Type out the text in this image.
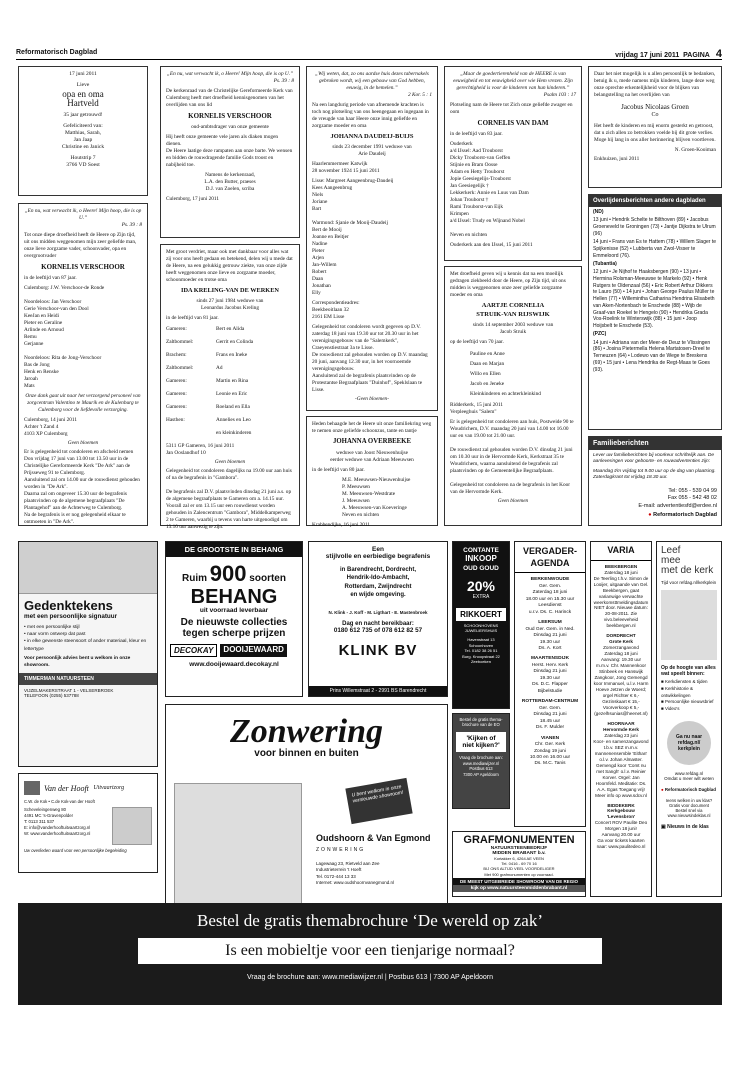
Reformatorisch Dagblad	vrijdag 17 juni 2011 PAGINA 4
17 juni 2011
Lieve
opa en oma
Hartveld
35 jaar getrouwd!
Gefeliciteerd van:
Matthias, Sarah,
Jan Jaap
Christine en Janick
Houtstrip 7
3766 VD Soest
„En nu, wat verwacht ik, o Heere! Mijn hoop, die is op U.”
Ps. 39 : 8
Tot onze diepe droefheid heeft de Heere op Zijn tijd, uit ons midden weggenomen mijn zeer geliefde man, onze lieve zorgzame vader, schoonvader, opa en overgrootvader
KORNELIS VERSCHOOR
in de leeftijd van 87 jaar.
Culemborg: J.W. Verschoor-de Ronde

Noordeloos: Jan Verschoor
Gerie Verschoor-van den Dool
KeeJan en Heidi
Pieter en Geraline
Arlinde en Arnoud
Remu
Gerjanne

Noordeloos: Rita de Jong-Verschoor
Bas de Jong
Henk en Renske
Jaroah
Mats
Onze dank gaat uit naar het verzorgend personeel van zorgcentrum Valentino te Maurik en de Kulenburg te Culemborg voor de liefdevolle verzorging.
Culemborg, 14 juni 2011
Achter 't Zand 4
4103 XP Culemborg
Geen bloemen
Er is gelegenheid tot condoleren en afscheid nemen Don vrijdag 17 juni van 13.00 tot 13.50 uur in de Christelijke Gereformeerde Kerk "De Ark" aan de Prijsseweg 91 te Culemborg.
Aansluitend zal om 14.00 uur de rouwdienst gehouden worden in "De Ark".
Daarna zal om ongeveer 15.30 uur de begrafenis plaatsvinden op de algemene begraafplaats "De Plantagehof" aan de Achterweg te Culemborg.
Na de begrafenis is er nog gelegenheid elkaar te ontmoeten in "De Ark".
„En nu, wat verwacht ik, o Heere! Mijn hoop, die is op U.”
Ps. 39 : 8
De kerkenraad van de Christelijke Gereformeerde Kerk van Culemborg heeft met droefheid kennisgenomen van het overlijden van ons lid
KORNELIS VERSCHOOR
oud-ambtsdrager van onze gemeente
Hij heeft onze gemeente vele jaren als diaken mogen dienen.
De Heere laatige deze rampaten aan onze barte. We wensen en bidden de rouwdragende familie Gods troost en nabijheid toe.
Namens de kerkenraad,
L.A. den Butter, praeses
D.J. van Zoelen, scriba
Culemborg, 17 juni 2011
Met groot verdriet, maar ook met dankbaar voor alles wat zij voor ons heeft gedaan en betekend, delen wij u mede dat de Heere, na een gelukkig getrouw ziekte, van onze zijde heeft weggenomen onze lieve en zorgzame moeder, schoonmoeder en trotse oma
IDA KRELING-VAN DE WERKEN
sinds 27 juni 1984 weduwe van
Leonardus Jacobus Kreling
in de leeftijd van 81 jaar.
Gameren:	Bert en Alida
Zaltbommel:	Gerrit en Colinda
Brachem:	Frans en Ineke
Zaltbommel:	Ad
Gameren:	Martin en Rina
Gameren:	Leonie en Eric
Gameren:	Roeland en Ella
Hasthen:	Annelies en Leo
en kleinkinderen
5311 GP Gameren, 16 juni 2011
Jan Ooslandhof 10
Geen bloemen
Gelegenheid tot condoleren dagelijks na 19.00 uur aan huis of na de begrafenis in "Gambora".

De begrafenis zal D.V. plaatsvinden dinsdag 21 juni a.s. op de algemene begraafplaats te Gameren om a. 14.15 uur. Voorall zal er om 13.15 uur een rouwdienst worden gehouden in Zalencentrum "Gambora", Middelkamperweg 2 te Gameren, waarbij u tevens van harte uitgenodigd om 13.10 uur aanwezig te zijn.
„Wij weten, dat, zo ons aardse huis dezes tabernakels gebroken wordt, wij een gebouw van God hebben, eeuwig, in de hemelen.”
2 Kor. 5 : 1
Na een langdurig periode van afnemende krachten is toch nog plotseling van ons heengegaan en ingegaan in de vreugde van haar Heere onze innig geliefde en zorgzame moeder en oma
JOHANNA DAUDEIJ-BUIJS
sinds 23 december 1991 weduwe van
Arie Daudeij
Haarlemmermeer Katwijk
28 november 1924 15 juni 2011
Lisse: Margreet Aangeenbrug-Daudeij
Kees Aangeenbrug
Niels
Joriane
Bart

Warmond: Sjanie de Mooij-Daudeij
Bert de Mooij
Joanne en Beitjer
Nadine
Pieter
Arjen
Jan-Willem
Robert
Daan
Jonathan
Elly
Correspondentieadres:
Beekbeoitlaan 32
2161 EM Lisse
Gelegenheid tot condoleren wordt gegeven op D.V. zaterdag 18 juni van 19.30 uur tot 20.30 uur in het verenigingsgebouw van de "Salemkerk", Craeyenstiestraat 3a te Lisse.
De rouwdienst zal gehouden worden op D.V. maandag 20 juni, aanvang 12.30 uur, in het voornoemde verenigingsgebouw.
Aansluitend zal de begrafenis plaatsvinden op de Protestantse Begraafplaats "Duinhof", Speklslaan te Lisse.
-Geen bloemen-
Heden behaagde het de Heere uit onze familiekring weg te nemen onze geliefde schoonzus, tante en tantje
JOHANNA OVERBEEKE
weduwe van Joost Nieuwenhuijse
eerder weduwe van Adriaan Meeuwsen
in de leeftijd van 80 jaar.
M.E. Meeuwsen-Nieuwenhuijse
P. Meeuwsen
M. Meeuwsen-Westdrate
J. Meeuwsen
A. Meeuwsen-van Koeveringe
Neven en nichten
Krabbendijke, 16 juni 2011
„Maar de goedertierenheid van de HEERE is van eeuwigheid en tot eeuwigheid over wie Hem vrezen. Zijn gerechtigheid is voor de kinderen van hun kinderen.”
Psalm 103 : 17
Plotseling nam de Heere tot Zich onze geliefde zwager en oom
CORNELIS VAN DAM
in de leeftijd van 83 jaar.
Ouderkerk
a/d IJssel: Aad Trouborst
Dicky Trouborst-van Geffen
Stijnie en Bram Oosse
Adam en Hetty Trouborst
Jopie Geesiegelijs-Trouborst
Jan Geesiegelijk †
Lekkerkerk: Annie en Luus van Dam
Johan Trouborst †
Rami Trouborst-van Eijk
Krimpen
a/d IJssel: Trudy en Wijnand Nobel

Neven en nichten
Ouderkerk aan den IJssel, 15 juni 2011
Met droefheid geven wij u kennis dat na een moeilijk gedragen ziekbeeld door de Heere, op Zijn tijd, uit ons midden is weggenomen onze zeer geliefde zorgzame moeder en oma
AARTJE CORNELIA
STRUIK-VAN RIJSWIJK
sinds 14 september 2003 weduwe van
Jacob Struik
op de leeftijd van 70 jaar.
Pauline en Anne
Daan en Marjan
Willo en Ellen
Jacob en Jeneke
Kleinkinderen en achterkleinkind
Ridderkerk, 15 juni 2011
Verpleeghuis "Salem"
Er is gelegenheid tot condoleren aan huis, Postweide 90 te Woudrichem, D.V. maandag 20 juni van 14.00 tot 16.00 uur en van 19.00 tot 21.00 uur.

De rouwdienst zal gehouden worden D.V. dinsdag 21 juni om 10.30 uur in de Hervormde Kerk, Kerkstraat 35 te Woudrichem, waarna aansluitend de begrafenis zal plaatsvinden op de Gemeentelijke Begraafplaats.

Gelegenheid tot condoleren na de begrafenis in het Koor van de Hervormde Kerk.
Geen bloemen
Daar het niet mogelijk is u allen persoonlijk te bedanken, betuig ik u, mede namens mijn kinderen, lange deze weg onze oprechte erkentelijkheid voor de blijken van belangstelling na het overlijden van
Jacobus Nicolaas Groen
Co
Het heeft de kinderen en mij enorm gesterkt en getroost, dat u zich allen zo betrokken voelde bij dit grote verlies. Moge hij lang in ons aller herinnering blijven voortleven.
N. Groen-Kooiman
Enkhuizen, juni 2011
Overlijdensberichten andere dagbladen

(ND)

13 juni • Hendrik Schelte te Bilthoven (89) • Jacobus Groeneveld te Groningen (73) • Jantje Dijkstra te Ulrum (96)

14 juni • Frans van Es te Hattem (78) • Willem Slager te Spijkenisse (52) • Lubberta van Zwol-Visser te Emmeloord (76).

(Tubantia)

12 juni • Je Nijhof te Haaksbergen (90) • 13 juni • Hermina Rolsman-Meeuwse te Markelo (92) • Henk Rutgers te Oldenzaal (56) • Eric Robert Arthur Dikkers te Lauro (50) • 14 juni • Johan George Paulus Müller te Hellen (77) • Willemintha Catharina Hendrina Elisabeth van Aken-Nortenbach te Enschede (88) • Wijb de Graaf-van Roekel te Hengelo (90) • Hendrika Grada Vos-Roelink te Winterswijk (88) • 15 juni • Joop Hoijsbelt te Enschede (53).

(PZC)

14 juni • Adriana van der Meer-de Deuz te Vlissingen (86) • Josina Pietermella Helena Martatosen-Dreel te Terneuzen (64) • Lodewo van de Wege te Breskens (69) • 15 juni • Lena Hendrika de Regt-Maas te Goes (93).

Familieberichten
Lever uw familieberichten bij voorkeur schriftelijk aan. De aanleveringen voor geboorte- en rouwadvertenties zijn:
Maandag t/m vrijdag tot 9.00 uur op de dag van plaatsing. Zaterdagkrant tot vrijdag 18.30 uur.
Tel: 055 - 539 04 99
Fax 055 - 542 48 02
E-mail: advertentiesfd@erdee.nl
● Reformatorisch Dagblad
Gedenktekens
met een persoonlijke signatuur
• met een persoonlijke stijl
• naar vorm ontwerp dat past
• in elke gewenste steensoort of ander materiaal, kleur en lettertype
Voor persoonlijk advies bent u welkom in onze showroom.
TIMMERMAN NATUURSTEEN
VIJZELMAKERSTRAAT 1 - VELSERBROEK
TELEFOON (0255) 537788
Van der Hooft
Uitvaartzorg
C.W. de Kok • C.de Kok-van der Hooft
Scheveleingenweg 80
4491 MC 's-Gravenpolder
T: 0113 311 537
E: info@vanderhooftuitvaartzorg.nl
W: www.vanderhooftuitvaartzorg.nl
Uw overlieden waard voor een persoonlijke begeleiding
DE GROOTSTE IN BEHANG
Ruim 900 soorten
BEHANG
uit voorraad leverbaar
De nieuwste collecties
tegen scherpe prijzen
DECOKAY	DOOIJEWAARD
www.dooijewaard.decokay.nl
Een
stijlvolle en eerbiedige begrafenis
in Barendrecht, Dordrecht,
Hendrik-Ido-Ambacht,
Rotterdam, Zwijndrecht
en wijde omgeving.
N. Klink - J. Koff - M. Ligthart - E. Mastenbroek
Dag en nacht bereikbaar:
0180 612 735 of 078 612 82 57
KLINK BV
Prins Willemstraat 2 - 2991 BS Barendrecht
Zonwering
voor binnen en buiten
U bent welkom in onze vernieuwde showroom!
Oudshoorn & Van Egmond
ZONWERING
Lagewaag 23, Rietveld aan Zee
Industrieterrein 't Hoeft
Tel. 0172-444 13 33
Internet: www.oudshoornvanegmond.nl
CONTANTE
INKOOP
OUD GOUD
20%
EXTRA
RIKKOERT
SCHOONHOVENS
JUWELIERSHUIS
Havenstraat 13
Schoonhoven
Tel. 0182 38 26 51
Burg. Knoopstraat 22
Zeeboeken
Bestel de gratis thema-brochure van de EO
'Kijken of
niet kijken?'
Vraag de brochure aan:
www.mediawijzer.nl
Postbus 613
7300 AP Apeldoorn
VERGADER-
AGENDA

BERKENWOUDE
Ger. Gem.
Zaterdag 18 juni
18.00 uur en 15.30 uur
Leesdienst
u.r.v. Ds. C. Harinck

LEERSUM
Oud Ger. Gem. in Ned.
Dinsdag 21 juni
19.30 uur
Ds. A. Kort

MAARTENSDIJK
Herst. Herv. Kerk
Dinsdag 21 juni
19.30 uur
Ds. D.C. Flapper
Bijbelstudie

ROTTERDAM-CENTRUM
Ger. Gem.
Dinsdag 21 juni
18.45 uur
Ds. F. Mulder

VIANEN
Chr. Ger. Kerk
Zondag 19 juni
10.00 en 16.00 uur
Ds. M.C. Tanis

GRAFMONUMENTEN
NATUURSTEENBEDRIJF
MIDDEN BRABANT b.v.
Kortakker 6, 4264 AE VEEN
Tel. 0416 - 69 70 16
BIJ ONS ALTIJD VEEL VOORDELIGER
Met 900 grafmonumenten op voorraad.
DE MEEST UITGEBREIDE SHOWROOM VAN DE REGIO
kijk op www.natuursteenmiddenbrabant.nl
VARIA

BEEKBERGEN
Zaterdag 18 juni
De Teerling t.h.v. Simon de Looijer, uitgaande van Gel. Beekbergen, gaat varianwige verwachte weerkomsttmeldingsdatum NIET door. Nieuwe datum: 20-08-2011. Zie vivo.beleeveheid beekbergen.nl

DORDRECHT
Grote Kerk
Zomerzangavond
Zaterdag 18 juni
Aanvang: 19.30 uur
m.m.v. Chr. Mannenkoor Stinbeek en Hanswijk Zangkoor, Jong Gemengd koor Immanuel, u.l.v. Harm Hoeve Jetzen de Woerd; orgel Richter € 6,-
Gezinskaart € 15,-
Voorverkoop € 5,- (gezelhsunias@heenet.nl)

HOORNAAR
Hervormde Kerk
Zaterdag 23 juni
Koor- en samenzangavond t.b.v. SEZ m.m.v. mannenensemble 'Eithan' o.l.v. Johan Almaster. Gemengd koor 'Comt nu met Sangh' o.l.v. Reinier Korver. Orgel: Jan Hoornfeld. Meditatie: Ds. A.A. Egas Toegang vrij!
Meer info op www.sdcv.nl

BIDDEKERK
Kerkgebouw 'Levensbron'
Concert ROV Paulite Deo
Morgen 18 juni!
Aanvang 20.00 uur
Ga voor tickets kaarten naar: www.paulitedeo.nl

Leef
mee
met de kerk
Tijd voor refdag.nl/kerkplein
Op de hoogte van alles wat speelt binnen:
■ Kerkdiensten & tijden
■ Kerkhistorie & ontwikkelingen
■ Persoonlijke nieuwsbrief
■ Video's
Ga nu naar
refdag.nl/
kerkplein
www.refdag.nl
Omdat u meer wilt weten
● Reformatorisch Dagblad
Ieens welken in uw klas?
Gratis voor document
Bestel snel via
www.nieuwsindeklas.nl
▣ Nieuws in de klas
Bestel de gratis themabrochure ‘De wereld op zak’
Is een mobieltje voor een tienjarige normaal?
Vraag de brochure aan: www.mediawijzer.nl | Postbus 613 | 7300 AP Apeldoorn
